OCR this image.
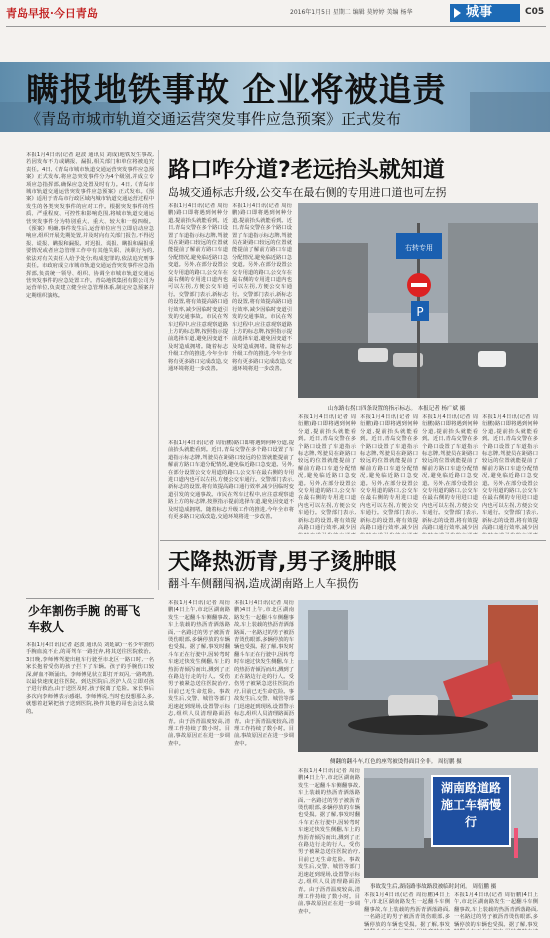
青岛早报·今日青岛	2016年1月5日 星期二 编辑 莫婷婷 美编 杨华	城事	C05
瞒报地铁事故 企业将被追责
《青岛市城市轨道交通运营突发事件应急预案》正式发布
本报1月4日讯(记者 赵波 通讯员 刘成)地铁发生事故,若因发布不力或瞒报、漏报,相关部门和单位将被追究责任。4日,《青岛市城市轨道交通运营突发事件应急预案》正式发布,将应急突发事件分为4个级别,并成立专项应急指挥部,确保应急处置及时有力。4日,《青岛市城市轨道交通运营突发事件应急预案》正式发布。《预案》适用于青岛市行政区域内城市轨道交通运营过程中发生的各类突发事件的应对工作。根据突发事件的性质、严重程度、可控性和影响范围,将城市轨道交通运营突发事件分为特别重大、重大、较大和一般四级。《预案》明确,事件发生后,运营单位应当立即启动应急响应,组织开展先期处置,并及时向有关部门报告,不得迟报、谎报、瞒报和漏报。对迟报、谎报、瞒报和漏报重要情况或者应急管理工作中有其他失职、渎职行为的,依法对有关责任人给予处分;构成犯罪的,依法追究刑事责任。市政府成立市城市轨道交通运营突发事件应急指挥部,负责统一领导、组织、协调全市城市轨道交通运营突发事件的应急处置工作。青岛地铁集团有限公司为运营单位,负责建立健全应急管理体系,制定应急预案并定期组织演练。
路口咋分道?老远抬头就知道
岛城交通标志升级,公交车在最右侧的专用进口道也可左拐
本报1月4日讯(记者 周衍鹏)路口即将遇到何种分道,提前抬头就能看到。近日,青岛交警在多个路口设置了车道指示标志牌,驾驶员在距路口较远的位置就能提前了解前方路口车道分配情况,避免临近路口急变道。另外,在部分设置公交专用道的路口,公交车在最右侧的专用进口道内也可以左拐,方便公交车通行。交警部门表示,新标志的设置,将有效提高路口通行效率,减少因临时变道引发的交通事故。市民在驾车过程中,应注意观察道路上方的标志牌,按照指示提前选择车道,避免因变道不及时造成拥堵。随着标志升级工作的推进,今年全市将有更多路口完成改造,交通环境将进一步改善。
本报1月4日讯(记者 周衍鹏)路口即将遇到何种分道,提前抬头就能看到。近日,青岛交警在多个路口设置了车道指示标志牌,驾驶员在距路口较远的位置就能提前了解前方路口车道分配情况,避免临近路口急变道。另外,在部分设置公交专用道的路口,公交车在最右侧的专用进口道内也可以左拐,方便公交车通行。交警部门表示,新标志的设置,将有效提高路口通行效率,减少因临时变道引发的交通事故。市民在驾车过程中,应注意观察道路上方的标志牌,按照指示提前选择车道,避免因变道不及时造成拥堵。随着标志升级工作的推进,今年全市将有更多路口完成改造,交通环境将进一步改善。
右转专用
P
山东路右拐口四条设置的指示标志。 本报记者 杨广斌 摄
本报1月4日讯(记者 周衍鹏)路口即将遇到何种分道,提前抬头就能看到。近日,青岛交警在多个路口设置了车道指示标志牌,驾驶员在距路口较远的位置就能提前了解前方路口车道分配情况,避免临近路口急变道。另外,在部分设置公交专用道的路口,公交车在最右侧的专用进口道内也可以左拐,方便公交车通行。交警部门表示,新标志的设置,将有效提高路口通行效率,减少因
本报1月4日讯(记者 周衍鹏)路口即将遇到何种分道,提前抬头就能看到。近日,青岛交警在多个路口设置了车道指示标志牌,驾驶员在距路口较远的位置就能提前了解前方路口车道分配情况,避免临近路口急变道。另外,在部分设置公交专用道的路口,公交车在最右侧的专用进口道内也可以左拐,方便公交车通行。交警部门表示,新标志的设置,将有效提高路口通行效率,减少因
本报1月4日讯(记者 周衍鹏)路口即将遇到何种分道,提前抬头就能看到。近日,青岛交警在多个路口设置了车道指示标志牌,驾驶员在距路口较远的位置就能提前了解前方路口车道分配情况,避免临近路口急变道。另外,在部分设置公交专用道的路口,公交车在最右侧的专用进口道内也可以左拐,方便公交车通行。交警部门表示,新标志的设置,将有效提高路口通行效率,减少因
本报1月4日讯(记者 周衍鹏)路口即将遇到何种分道,提前抬头就能看到。近日,青岛交警在多个路口设置了车道指示标志牌,驾驶员在距路口较远的位置就能提前了解前方路口车道分配情况,避免临近路口急变道。另外,在部分设置公交专用道的路口,公交车在最右侧的专用进口道内也可以左拐,方便公交车通行。交警部门表示,新标志的设置,将有效提高路口通行效率,减少因
本报1月4日讯(记者 周衍鹏)路口即将遇到何种分道,提前抬头就能看到。近日,青岛交警在多个路口设置了车道指示标志牌,驾驶员在距路口较远的位置就能提前了解前方路口车道分配情况,避免临近路口急变道。另外,在部分设置公交专用道的路口,公交车在最右侧的专用进口道内也可以左拐,方便公交车通行。交警部门表示,新标志的设置,将有效提高路口通行效率,减少因临时变道引发的交通事故。市民在驾车过程中,应注意观察道路上方的标志牌,按照指示提前选择车道,避免因变道不及时造成拥堵。随着标志升级工作的推进,今年全市将有更多路口完成改造,交通环境将进一步改善。
天降热沥青,男子烫肿眼
翻斗车侧翻闯祸,造成湖南路上人车损伤
少年割伤手腕 的哥飞车救人
本报1月4日讯(记者 赵波 通讯员 刘延斌)一名少年割伤手腕血流不止,的哥驾车一路狂奔,将其送往医院救治。3日晚,李师傅驾驶出租车行驶至市北区一路口时,一名家长抱着受伤的孩子拦下了车辆。孩子的手腕伤口较深,鲜血不断涌出。李师傅见状立即打开双闪,一路鸣笛,以最快速度赶往医院。到达医院后,医护人员立即对孩子进行救治,由于送医及时,孩子脱离了危险。家长事后多次向李师傅表示感谢。李师傅说,当时也没想那么多,就想着赶紧把孩子送到医院,换作其他的哥也会这么做的。
本报1月4日讯(记者 周衍鹏)4日上午,市北区湖南路发生一起翻斗车侧翻事故,车上装载的热沥青洒落路面,一名路过的男子被沥青烫伤眼部,多辆停放的车辆也受损。据了解,事发时翻斗车正在行驶中,因转弯时车速过快发生侧翻,车上的热沥青倾泻而出,溅到了正在路边行走的行人。受伤男子被紧急送往医院治疗,目前已无生命危险。事故发生后,交警、城管等部门迅速赶到现场,设置警示标志,组织人员清理路面沥青。由于沥青温度较高,清理工作持续了数小时。目前,事故原因正在进一步调查中。
本报1月4日讯(记者 周衍鹏)4日上午,市北区湖南路发生一起翻斗车侧翻事故,车上装载的热沥青洒落路面,一名路过的男子被沥青烫伤眼部,多辆停放的车辆也受损。据了解,事发时翻斗车正在行驶中,因转弯时车速过快发生侧翻,车上的热沥青倾泻而出,溅到了正在路边行走的行人。受伤男子被紧急送往医院治疗,目前已无生命危险。事故发生后,交警、城管等部门迅速赶到现场,设置警示标志,组织人员清理路面沥青。由于沥青温度较高,清理工作持续了数小时。目前,事故原因正在进一步调查中。
侧翻的翻斗车,红色的座驾被烫得面目全非。 周衍鹏 摄
本报1月4日讯(记者 周衍鹏)4日上午,市北区湖南路发生一起翻斗车侧翻事故,车上装载的热沥青洒落路面,一名路过的男子被沥青烫伤眼部,多辆停放的车辆也受损。据了解,事发时翻斗车正在行驶中,因转弯时车速过快发生侧翻,车上的热沥青倾泻而出,溅到了正在路边行走的行人。受伤男子被紧急送往医院治疗,目前已无生命危险。事故发生后,交警、城管等部门迅速赶到现场,设置警示标志,组织人员清理路面沥青。由于沥青温度较高,清理工作持续了数小时。目前,事故原因正在进一步调查中。
湖南路道路施工车辆慢行
事故发生后,湖南路事故路段被临时封闭。 周衍鹏 摄
本报1月4日讯(记者 周衍鹏)4日上午,市北区湖南路发生一起翻斗车侧翻事故,车上装载的热沥青洒落路面,一名路过的男子被沥青烫伤眼部,多辆停放的车辆也受损。据了解,事发
本报1月4日讯(记者 周衍鹏)4日上午,市北区湖南路发生一起翻斗车侧翻事故,车上装载的热沥青洒落路面,一名路过的男子被沥青烫伤眼部,多辆停放的车辆也受损。据了解,事发
